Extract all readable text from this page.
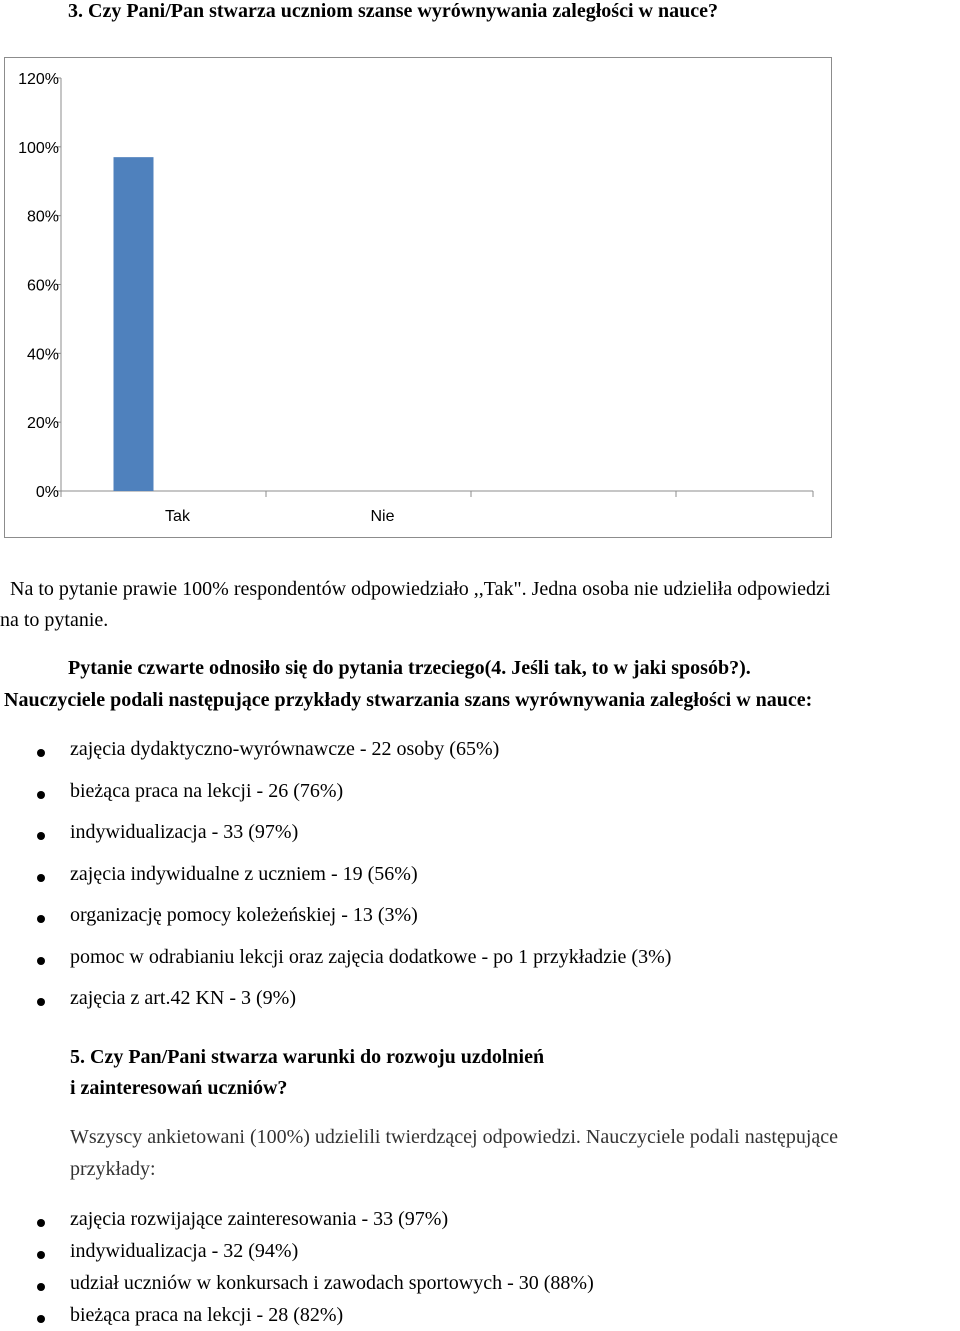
3. Czy Pani/Pan stwarza uczniom szanse wyrównywania zaległości w nauce?
0%
20%
40%
60%
80%
100%
120%
Tak	Nie
Na to pytanie prawie 100% respondentów odpowiedziało ,,Tak". Jedna osoba nie udzieliła odpowiedzi
na to pytanie.
Pytanie czwarte odnosiło się do pytania trzeciego(4. Jeśli tak, to w jaki sposób?).
Nauczyciele podali następujące przykłady stwarzania szans wyrównywania zaległości w nauce:
zajęcia dydaktyczno-wyrównawcze - 22 osoby (65%)
bieżąca praca na lekcji - 26 (76%)
indywidualizacja - 33 (97%)
zajęcia indywidualne z uczniem - 19 (56%)
organizację pomocy koleżeńskiej - 13 (3%)
pomoc w odrabianiu lekcji oraz zajęcia dodatkowe - po 1 przykładzie (3%)
zajęcia z art.42 KN - 3 (9%)
5. Czy Pan/Pani stwarza warunki do rozwoju uzdolnień
i zainteresowań uczniów?
Wszyscy ankietowani (100%) udzielili twierdzącej odpowiedzi. Nauczyciele podali następujące
przykłady:
zajęcia rozwijające zainteresowania - 33 (97%)
indywidualizacja - 32 (94%)
udział uczniów w konkursach i zawodach sportowych - 30 (88%)
bieżąca praca na lekcji - 28 (82%)
